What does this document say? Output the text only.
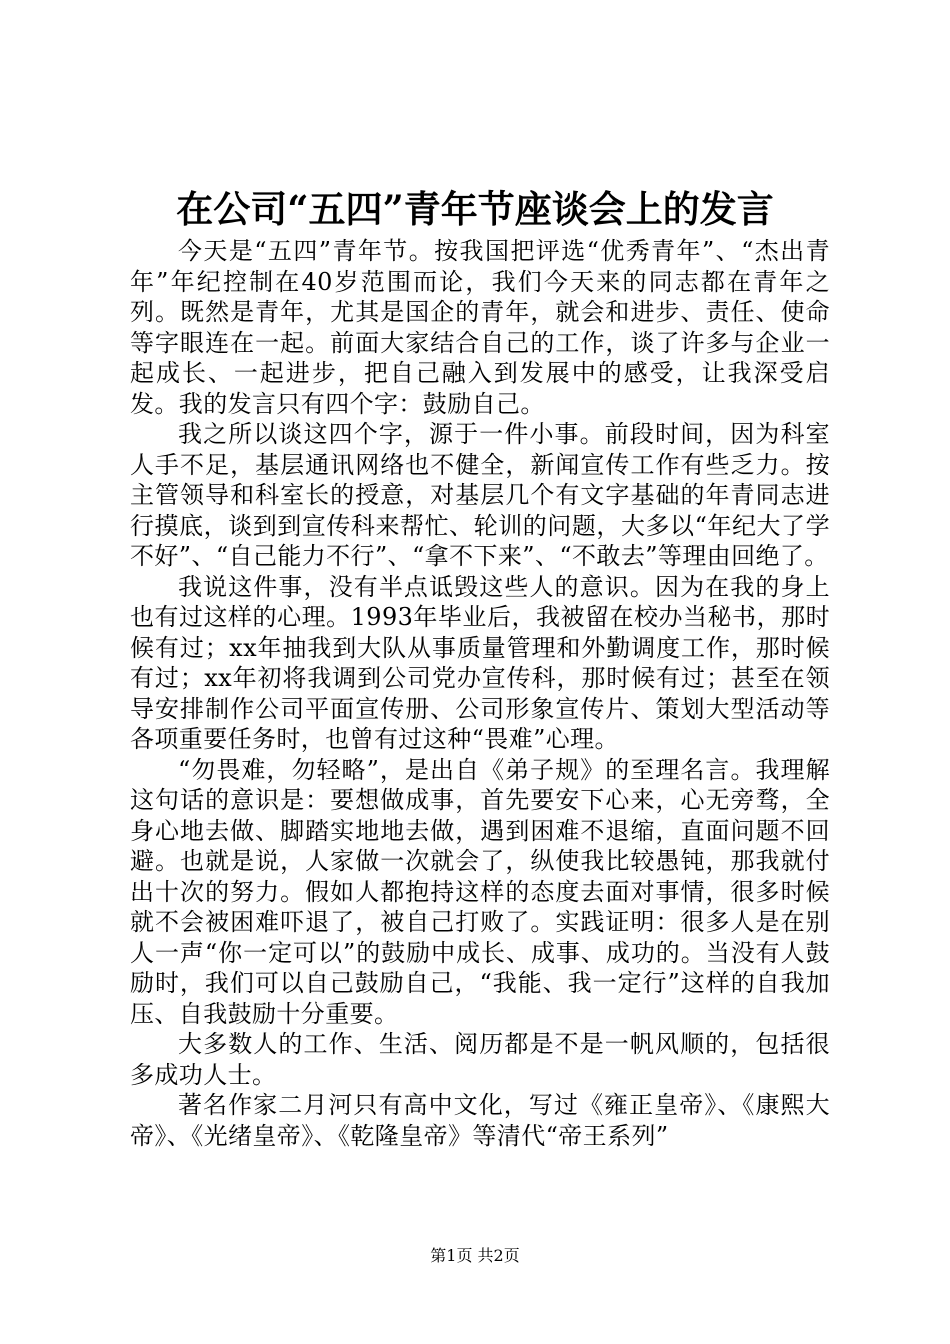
在公司“五四”青年节座谈会上的发言

今天是“五四”青年节。按我国把评选“优秀青年”、“杰出青年”年纪控制在40岁范围而论，我们今天来的同志都在青年之列。既然是青年，尤其是国企的青年，就会和进步、责任、使命等字眼连在一起。前面大家结合自己的工作，谈了许多与企业一起成长、一起进步，把自己融入到发展中的感受，让我深受启发。我的发言只有四个字：鼓励自己。

我之所以谈这四个字，源于一件小事。前段时间，因为科室人手不足，基层通讯网络也不健全，新闻宣传工作有些乏力。按主管领导和科室长的授意，对基层几个有文字基础的年青同志进行摸底，谈到到宣传科来帮忙、轮训的问题，大多以“年纪大了学不好”、“自己能力不行”、“拿不下来”、“不敢去”等理由回绝了。

我说这件事，没有半点诋毁这些人的意识。因为在我的身上也有过这样的心理。1993年毕业后，我被留在校办当秘书，那时候有过；xx年抽我到大队从事质量管理和外勤调度工作，那时候有过；xx年初将我调到公司党办宣传科，那时候有过；甚至在领导安排制作公司平面宣传册、公司形象宣传片、策划大型活动等各项重要任务时，也曾有过这种“畏难”心理。

“勿畏难，勿轻略”，是出自《弟子规》的至理名言。我理解这句话的意识是：要想做成事，首先要安下心来，心无旁骛，全身心地去做、脚踏实地地去做，遇到困难不退缩，直面问题不回避。也就是说，人家做一次就会了，纵使我比较愚钝，那我就付出十次的努力。假如人都抱持这样的态度去面对事情，很多时候就不会被困难吓退了，被自己打败了。实践证明：很多人是在别人一声“你一定可以”的鼓励中成长、成事、成功的。当没有人鼓励时，我们可以自己鼓励自己，“我能、我一定行”这样的自我加压、自我鼓励十分重要。

大多数人的工作、生活、阅历都是不是一帆风顺的，包括很多成功人士。

著名作家二月河只有高中文化，写过《雍正皇帝》、《康熙大帝》、《光绪皇帝》、《乾隆皇帝》等清代“帝王系列”

第1页 共2页
